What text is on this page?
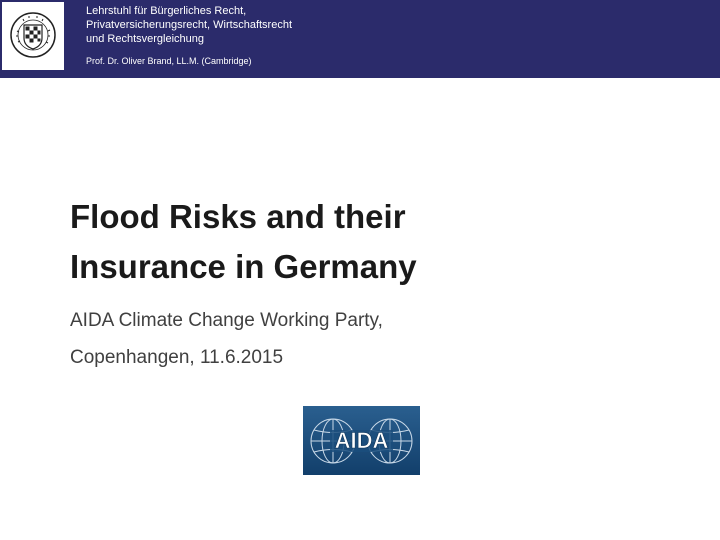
Lehrstuhl für Bürgerliches Recht,
Privatversicherungsrecht, Wirtschaftsrecht
und Rechtsvergleichung
Prof. Dr. Oliver Brand, LL.M. (Cambridge)
Flood Risks and their
Insurance in Germany
AIDA Climate Change Working Party,
Copenhangen, 11.6.2015
AIDA
